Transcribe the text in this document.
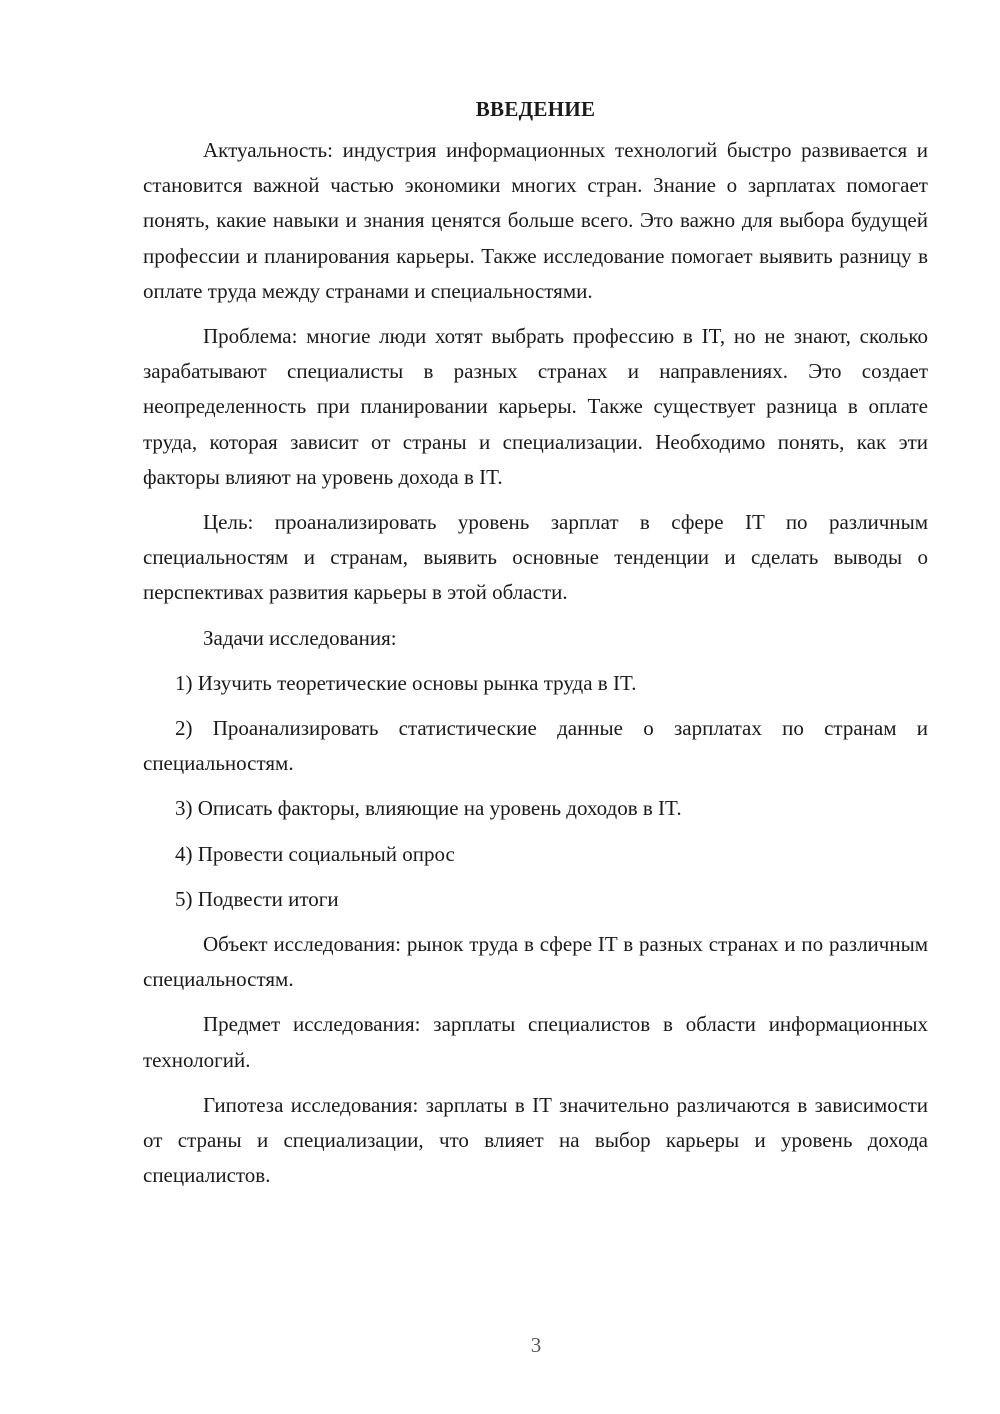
ВВЕДЕНИЕ

Актуальность: индустрия информационных технологий быстро развивается и становится важной частью экономики многих стран. Знание о зарплатах помогает понять, какие навыки и знания ценятся больше всего. Это важно для выбора будущей профессии и планирования карьеры. Также исследование помогает выявить разницу в оплате труда между странами и специальностями.

Проблема: многие люди хотят выбрать профессию в IT, но не знают, сколько зарабатывают специалисты в разных странах и направлениях. Это создает неопределенность при планировании карьеры. Также существует разница в оплате труда, которая зависит от страны и специализации. Необходимо понять, как эти факторы влияют на уровень дохода в IT.

Цель: проанализировать уровень зарплат в сфере IT по различным специальностям и странам, выявить основные тенденции и сделать выводы о перспективах развития карьеры в этой области.

Задачи исследования:

1) Изучить теоретические основы рынка труда в IT.

2) Проанализировать статистические данные о зарплатах по странам и специальностям.

3) Описать факторы, влияющие на уровень доходов в IT.

4) Провести социальный опрос

5) Подвести итоги

Объект исследования: рынок труда в сфере IT в разных странах и по различным специальностям.

Предмет исследования: зарплаты специалистов в области информационных технологий.

Гипотеза исследования: зарплаты в IT значительно различаются в зависимости от страны и специализации, что влияет на выбор карьеры и уровень дохода специалистов.

3
